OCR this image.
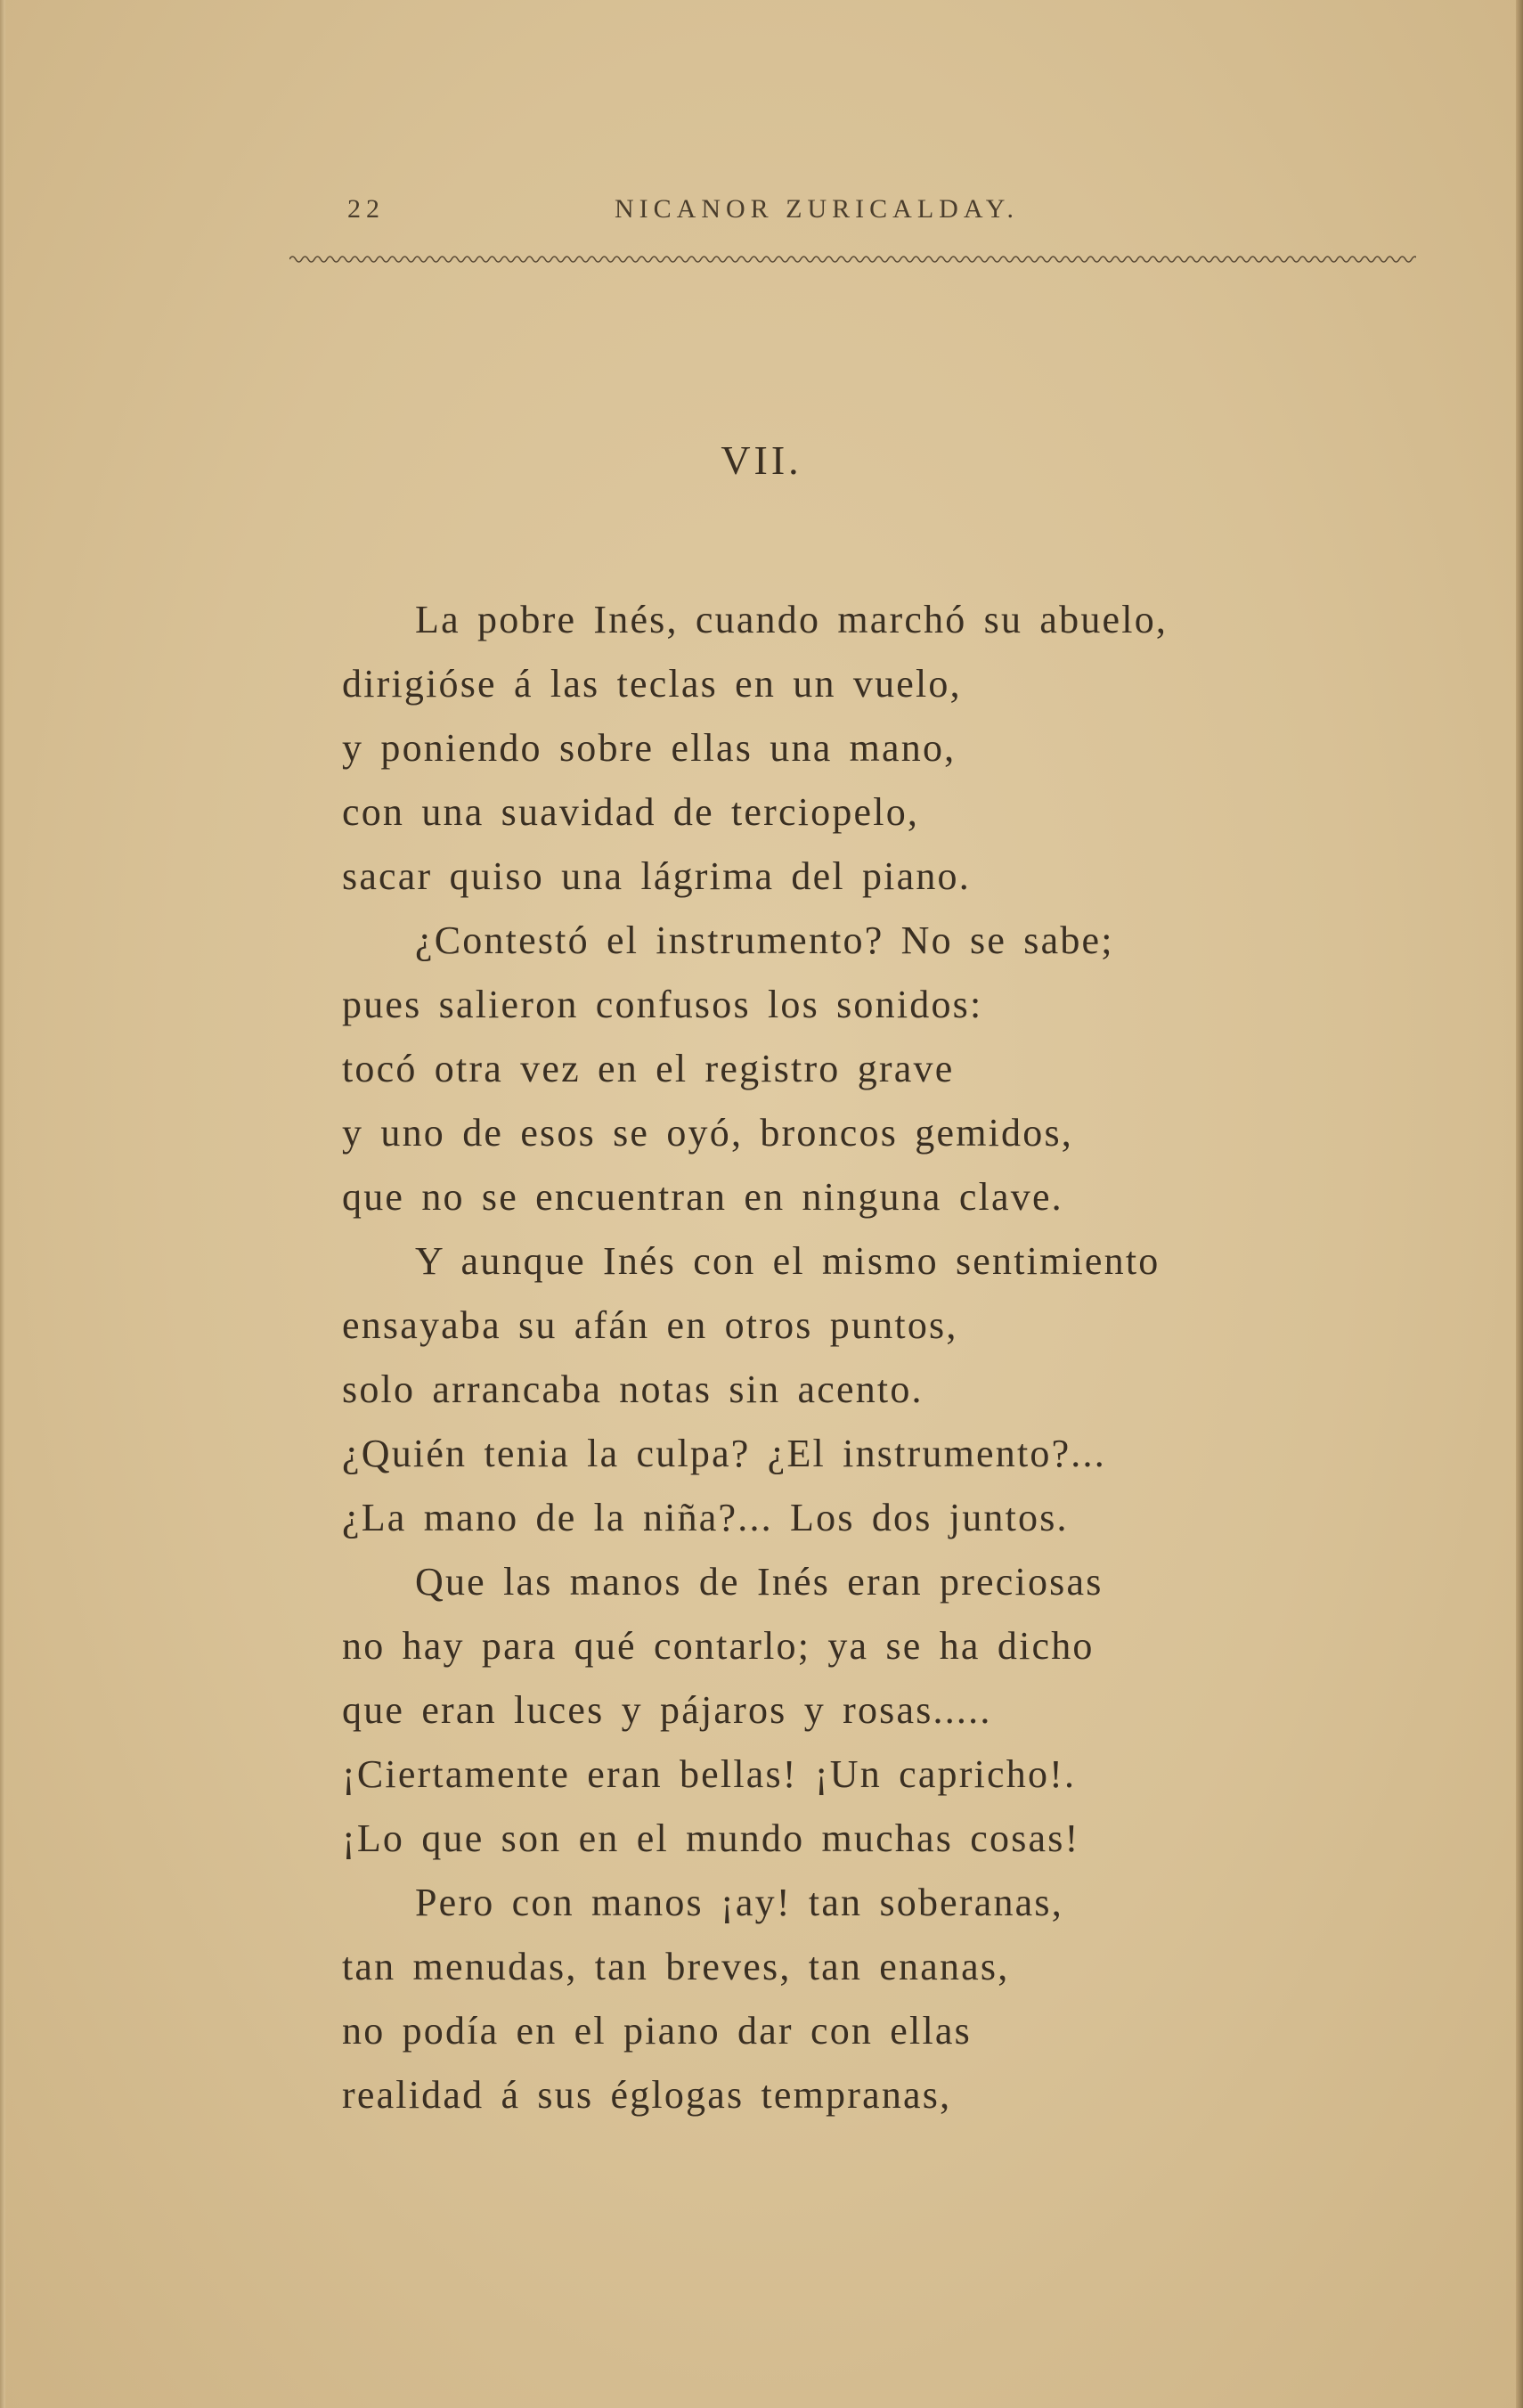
22	NICANOR ZURICALDAY.
VII.
La pobre Inés, cuando marchó su abuelo,
dirigióse á las teclas en un vuelo,
y poniendo sobre ellas una mano,
con una suavidad de terciopelo,
sacar quiso una lágrima del piano.
¿Contestó el instrumento? No se sabe;
pues salieron confusos los sonidos:
tocó otra vez en el registro grave
y uno de esos se oyó, broncos gemidos,
que no se encuentran en ninguna clave.
Y aunque Inés con el mismo sentimiento
ensayaba su afán en otros puntos,
solo arrancaba notas sin acento.
¿Quién tenia la culpa? ¿El instrumento?...
¿La mano de la niña?... Los dos juntos.
Que las manos de Inés eran preciosas
no hay para qué contarlo; ya se ha dicho
que eran luces y pájaros y rosas.....
¡Ciertamente eran bellas! ¡Un capricho!.
¡Lo que son en el mundo muchas cosas!
Pero con manos ¡ay! tan soberanas,
tan menudas, tan breves, tan enanas,
no podía en el piano dar con ellas
realidad á sus églogas tempranas,
